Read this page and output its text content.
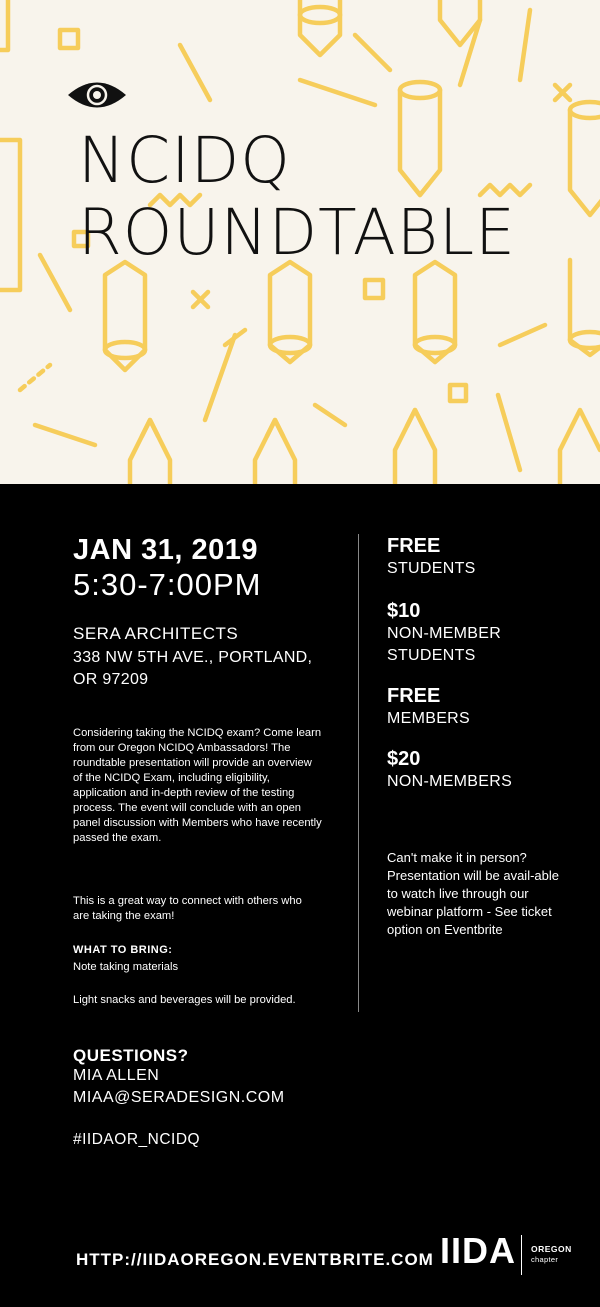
NCIDQ
ROUNDTABLE
JAN 31, 2019
5:30-7:00PM
SERA ARCHITECTS
338 NW 5TH AVE., PORTLAND, OR 97209
Considering taking the NCIDQ exam? Come learn from our Oregon NCIDQ Ambassadors! The roundtable presentation will provide an overview of the NCIDQ Exam, including eligibility, application and in-depth review of the testing process. The event will conclude with an open panel discussion with Members who have recently passed the exam.
This is a great way to connect with others who are taking the exam!
WHAT TO BRING:
Note taking materials
Light snacks and beverages will be provided.
QUESTIONS?
MIA ALLEN
MIAA@SERADESIGN.COM
#IIDAOR_NCIDQ
FREE
STUDENTS
$10
NON-MEMBER STUDENTS
FREE
MEMBERS
$20
NON-MEMBERS
Can't make it in person? Presentation will be avail-able to watch live through our webinar platform - See ticket option on Eventbrite
HTTP://IIDAOREGON.EVENTBRITE.COM IIDA OREGON
chapter
